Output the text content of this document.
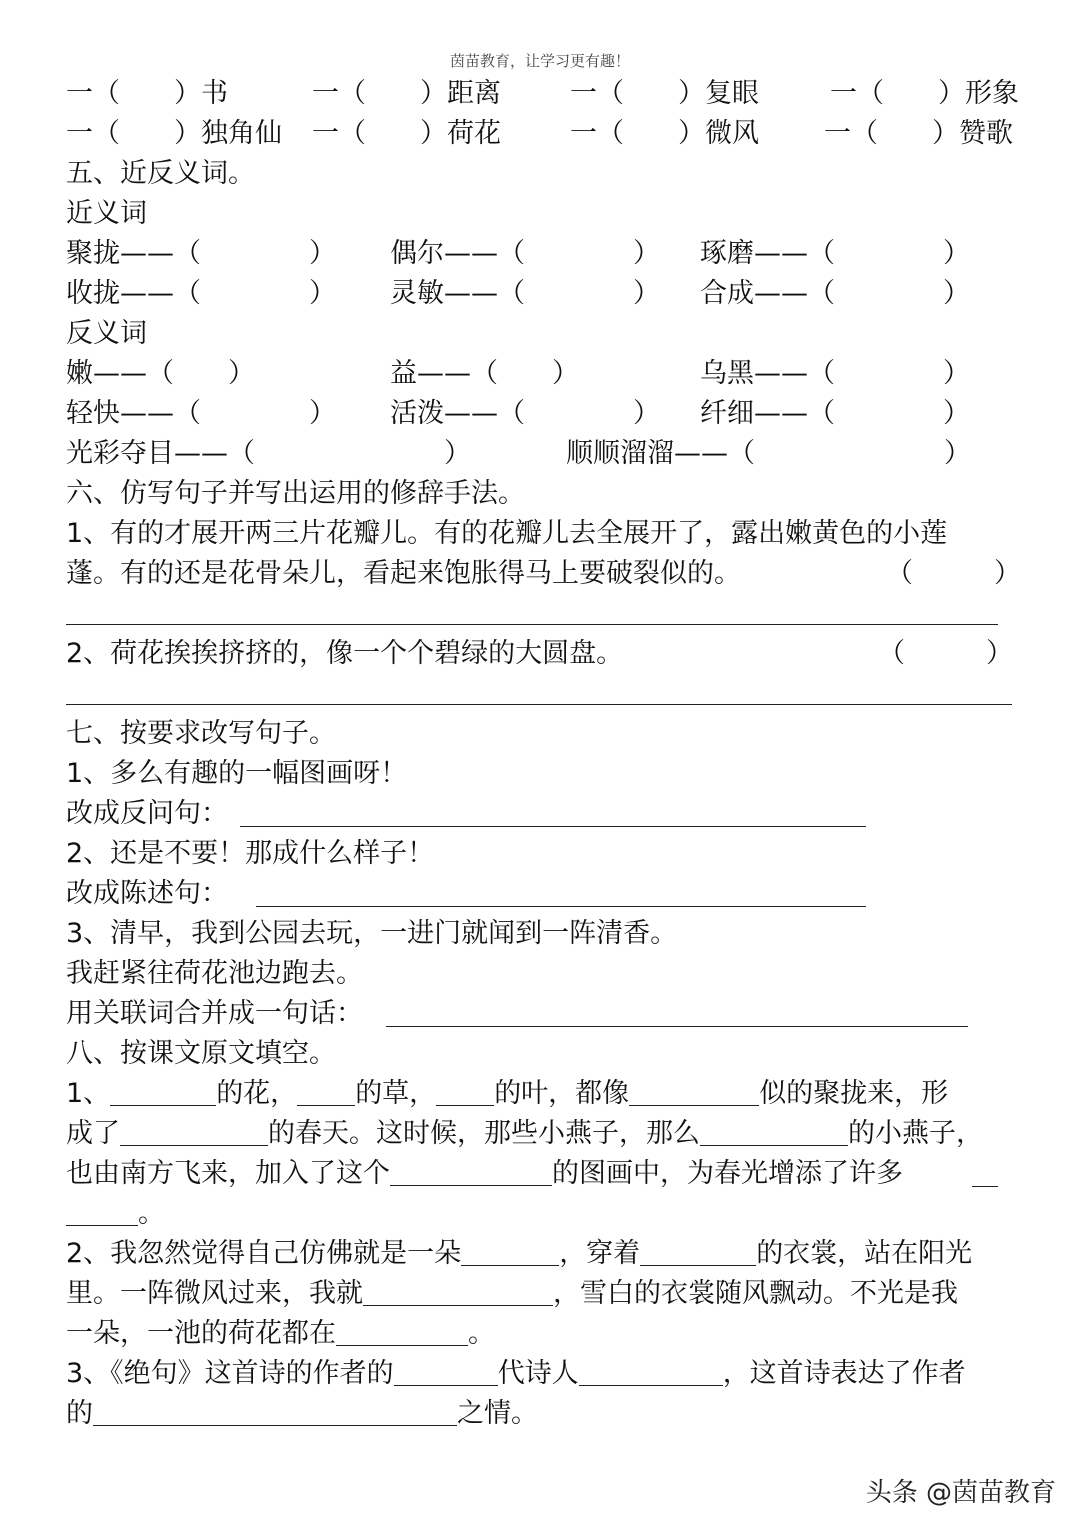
茵苗教育，让学习更有趣！
一（　　）书	一（　　）距离	一（　　）复眼	一（　　）形象
一（　　）独角仙 一（　　）荷花	一（　　）微风 一（　　）赞歌
五、近反义词。
近义词
聚拢——（　　　　） 偶尔——（　　　　） 琢磨——（　　　　）
收拢——（　　　　） 灵敏——（　　　　） 合成——（　　　　）
反义词
嫩——（　　）	益——（　　）	乌黑——（　　　　）
轻快——（　　　　） 活泼——（　　　　） 纤细——（　　　　）
光彩夺目——（　　　　　　　）	顺顺溜溜——（　　　　　　　）
六、仿写句子并写出运用的修辞手法。
1、有的才展开两三片花瓣儿。有的花瓣儿去全展开了，露出嫩黄色的小莲
蓬。有的还是花骨朵儿，看起来饱胀得马上要破裂似的。	（　　　）
2、荷花挨挨挤挤的，像一个个碧绿的大圆盘。	（　　　）
七、按要求改写句子。
1、多么有趣的一幅图画呀！
改成反问句：
2、还是不要！那成什么样子！
改成陈述句：
3、清早，我到公园去玩，一进门就闻到一阵清香。
我赶紧往荷花池边跑去。
用关联词合并成一句话：
八、按课文原文填空。
1、	的花， 的草， 的叶，都像	似的聚拢来，形
成了	的春天。这时候，那些小燕子，那么	的小燕子，
也由南方飞来，加入了这个	的图画中，为春光增添了许多
。
2、我忽然觉得自己仿佛就是一朵	，穿着	的衣裳，站在阳光
里。一阵微风过来，我就	，雪白的衣裳随风飘动。不光是我
一朵，一池的荷花都在	。
3、《绝句》这首诗的作者的	代诗人	，这首诗表达了作者
的	之情。
头条 @茵苗教育
